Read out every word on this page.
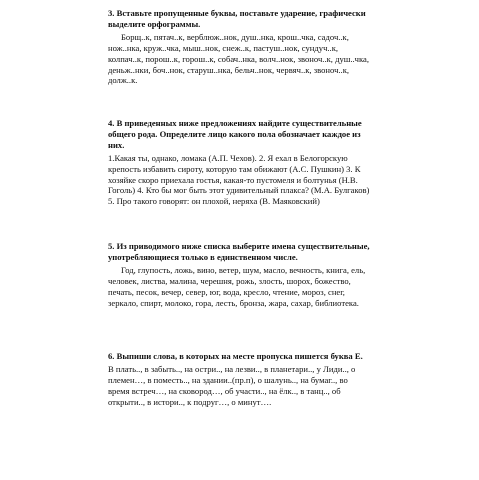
3. Вставьте пропущенные буквы, поставьте ударение, графически выделите орфограммы.

Борщ..к, пятач..к, верблюж..нок, душ..нка, крош..чка, садоч..к, нож..нка, круж..чка, мыш..нок, снеж..к, пастуш..нок, сундуч..к, колпач..к, порош..к, горош..к, собач..нка, волч..нок, звоноч..к, душ..чка, деньж..нки, боч..нок, старуш..нка, бельч..нок, червяч..к, звоноч..к, долж..к.

4. В приведенных ниже предложениях найдите существительные общего рода. Определите лицо какого пола обозначает каждое из них.

1.Какая ты, однако, ломака (А.П. Чехов). 2. Я ехал в Белогорскую крепость избавить сироту, которую там обижают (А.С. Пушкин) 3. К хозяйке скоро приехала гостья, какая-то пустомеля и болтунья (Н.В. Гоголь) 4. Кто бы мог быть этот удивительный плакса? (М.А. Булгаков) 5. Про такого говорят: он плохой, неряха (В. Маяковский)

5. Из приводимого ниже списка выберите имена существительные, употребляющиеся только в единственном числе.

Год, глупость, ложь, вино, ветер, шум, масло, вечность, книга, ель, человек, листва, малина, черешня, рожь, злость, шорох, божество, печать, песок, вечер, север, юг, вода, кресло, чтение, мороз, снег, зеркало, спирт, молоко, гора, лесть, бронза, жара, сахар, библиотека.

6. Выпиши слова, в которых на месте пропуска пишется буква Е.

В плать.., в забыть.., на остри.., на лезви.., в планетари.., у Лиди.., о племен…, в поместь.., на здании..(пр.п), о шалунь.., на бумаг.., во время встреч…, на сковород…, об участи.., на ёлк.., в танц.., об открыти.., в истори.., к подруг…, о минут….
